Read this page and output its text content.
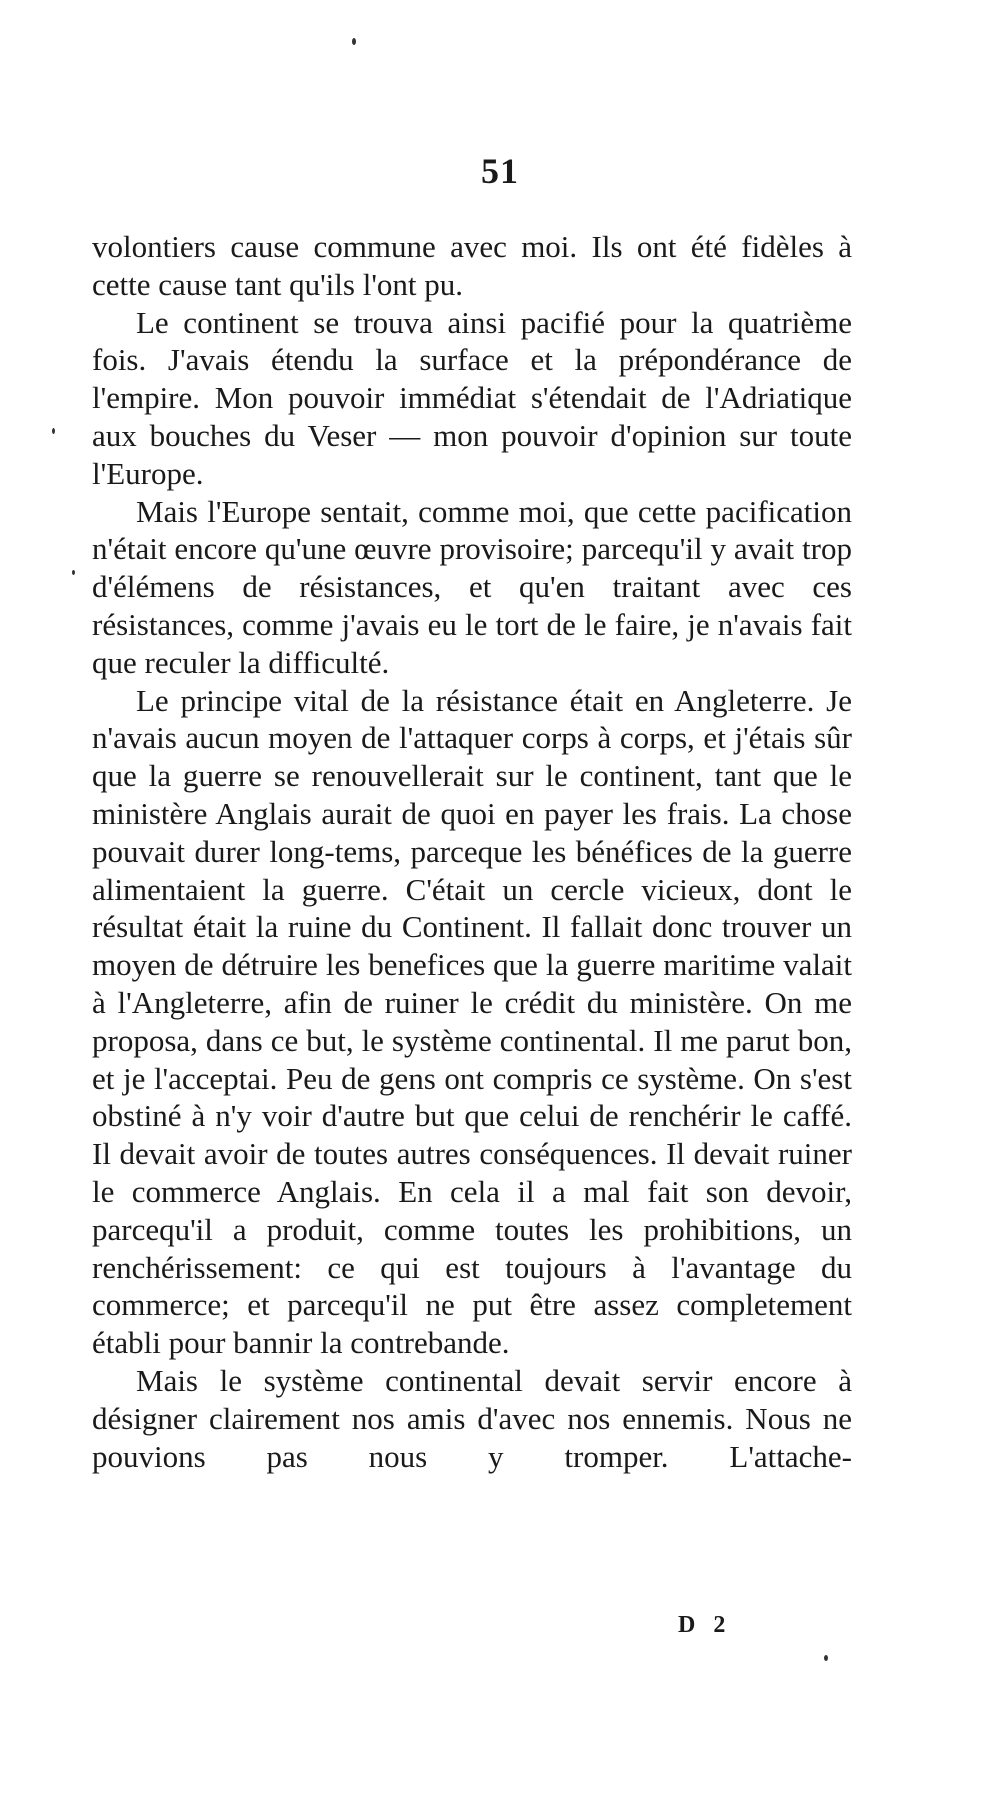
51

volontiers cause commune avec moi. Ils ont été fidèles à cette cause tant qu'ils l'ont pu.

Le continent se trouva ainsi pacifié pour la quatrième fois. J'avais étendu la surface et la prépondérance de l'empire. Mon pouvoir immédiat s'étendait de l'Adriatique aux bouches du Veser — mon pouvoir d'opinion sur toute l'Europe.

Mais l'Europe sentait, comme moi, que cette pacification n'était encore qu'une œuvre provisoire; parcequ'il y avait trop d'élémens de résistances, et qu'en traitant avec ces résistances, comme j'avais eu le tort de le faire, je n'avais fait que reculer la difficulté.

Le principe vital de la résistance était en Angleterre. Je n'avais aucun moyen de l'attaquer corps à corps, et j'étais sûr que la guerre se renouvellerait sur le continent, tant que le ministère Anglais aurait de quoi en payer les frais. La chose pouvait durer long-tems, parceque les bénéfices de la guerre alimentaient la guerre. C'était un cercle vicieux, dont le résultat était la ruine du Continent. Il fallait donc trouver un moyen de détruire les benefices que la guerre maritime valait à l'Angleterre, afin de ruiner le crédit du ministère. On me proposa, dans ce but, le système continental. Il me parut bon, et je l'acceptai. Peu de gens ont compris ce système. On s'est obstiné à n'y voir d'autre but que celui de renchérir le caffé. Il devait avoir de toutes autres conséquences. Il devait ruiner le commerce Anglais. En cela il a mal fait son devoir, parcequ'il a produit, comme toutes les prohibitions, un renchérissement: ce qui est toujours à l'avantage du commerce; et parcequ'il ne put être assez completement établi pour bannir la contrebande.

Mais le système continental devait servir encore à désigner clairement nos amis d'avec nos ennemis. Nous ne pouvions pas nous y tromper. L'attache-

D 2
